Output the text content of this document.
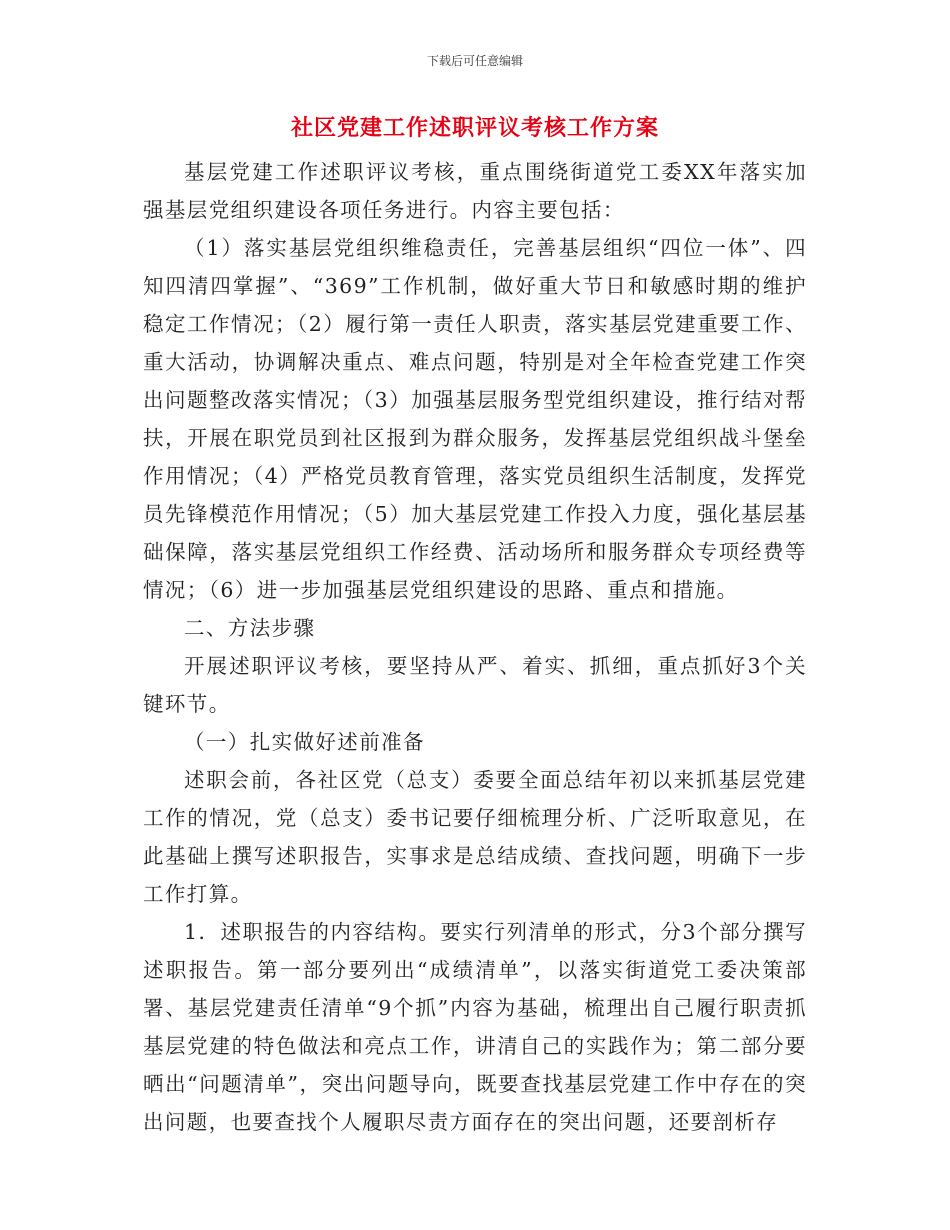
下载后可任意编辑
社区党建工作述职评议考核工作方案

基层党建工作述职评议考核，重点围绕街道党工委XX年落实加强基层党组织建设各项任务进行。内容主要包括：

（1）落实基层党组织维稳责任，完善基层组织“四位一体”、四知四清四掌握”、“369”工作机制，做好重大节日和敏感时期的维护稳定工作情况；（2）履行第一责任人职责，落实基层党建重要工作、重大活动，协调解决重点、难点问题，特别是对全年检查党建工作突出问题整改落实情况；（3）加强基层服务型党组织建设，推行结对帮扶，开展在职党员到社区报到为群众服务，发挥基层党组织战斗堡垒作用情况；（4）严格党员教育管理，落实党员组织生活制度，发挥党员先锋模范作用情况；（5）加大基层党建工作投入力度，强化基层基础保障，落实基层党组织工作经费、活动场所和服务群众专项经费等情况；（6）进一步加强基层党组织建设的思路、重点和措施。

二、方法步骤

开展述职评议考核，要坚持从严、着实、抓细，重点抓好3个关键环节。

（一）扎实做好述前准备

述职会前，各社区党（总支）委要全面总结年初以来抓基层党建工作的情况，党（总支）委书记要仔细梳理分析、广泛听取意见，在此基础上撰写述职报告，实事求是总结成绩、查找问题，明确下一步工作打算。

1．述职报告的内容结构。要实行列清单的形式，分3个部分撰写述职报告。第一部分要列出“成绩清单”，以落实街道党工委决策部署、基层党建责任清单“9个抓”内容为基础，梳理出自己履行职责抓基层党建的特色做法和亮点工作，讲清自己的实践作为；第二部分要晒出“问题清单”，突出问题导向，既要查找基层党建工作中存在的突出问题，也要查找个人履职尽责方面存在的突出问题，还要剖析存
